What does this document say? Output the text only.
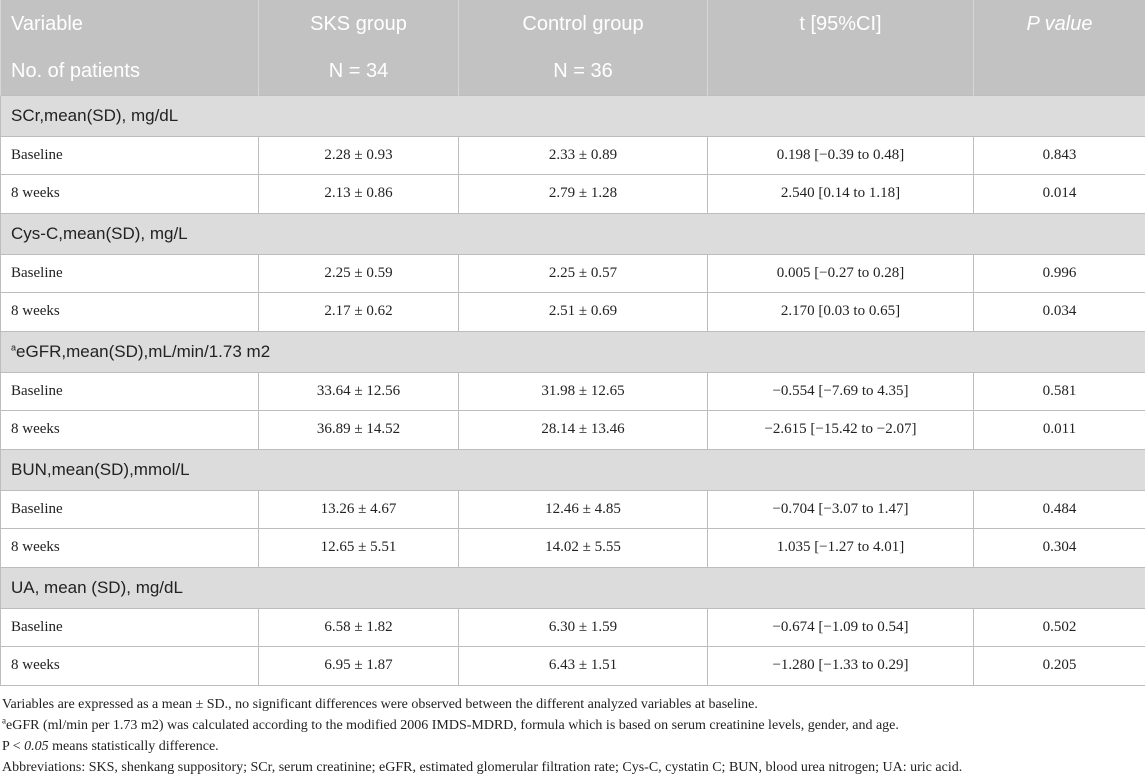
Variable	SKS group	Control group	t [95%CI]	P value
No. of patients	N = 34	N = 36		
SCr,mean(SD), mg/dL				
Baseline	2.28 ± 0.93	2.33 ± 0.89	0.198 [−0.39 to 0.48]	0.843
8 weeks	2.13 ± 0.86	2.79 ± 1.28	2.540 [0.14 to 1.18]	0.014
Cys-C,mean(SD), mg/L				
Baseline	2.25 ± 0.59	2.25 ± 0.57	0.005 [−0.27 to 0.28]	0.996
8 weeks	2.17 ± 0.62	2.51 ± 0.69	2.170 [0.03 to 0.65]	0.034
$^a$eGFR,mean(SD),mL/min/1.73 m2				
Baseline	33.64 ± 12.56	31.98 ± 12.65	−0.554 [−7.69 to 4.35]	0.581
8 weeks	36.89 ± 14.52	28.14 ± 13.46	−2.615 [−15.42 to −2.07]	0.011
BUN,mean(SD),mmol/L				
Baseline	13.26 ± 4.67	12.46 ± 4.85	−0.704 [−3.07 to 1.47]	0.484
8 weeks	12.65 ± 5.51	14.02 ± 5.55	1.035 [−1.27 to 4.01]	0.304
UA, mean (SD), mg/dL				
Baseline	6.58 ± 1.82	6.30 ± 1.59	−0.674 [−1.09 to 0.54]	0.502
8 weeks	6.95 ± 1.87	6.43 ± 1.51	−1.280 [−1.33 to 0.29]	0.205
Variables are expressed as a mean ± SD., no significant differences were observed between the different analyzed variables at baseline.
$^a$eGFR (ml/min per 1.73 m2) was calculated according to the modified 2006 IMDS-MDRD, formula which is based on serum creatinine levels, gender, and age.
P < 0.05 means statistically difference.
Abbreviations: SKS, shenkang suppository; SCr, serum creatinine; eGFR, estimated glomerular filtration rate; Cys-C, cystatin C; BUN, blood urea nitrogen; UA: uric acid.
